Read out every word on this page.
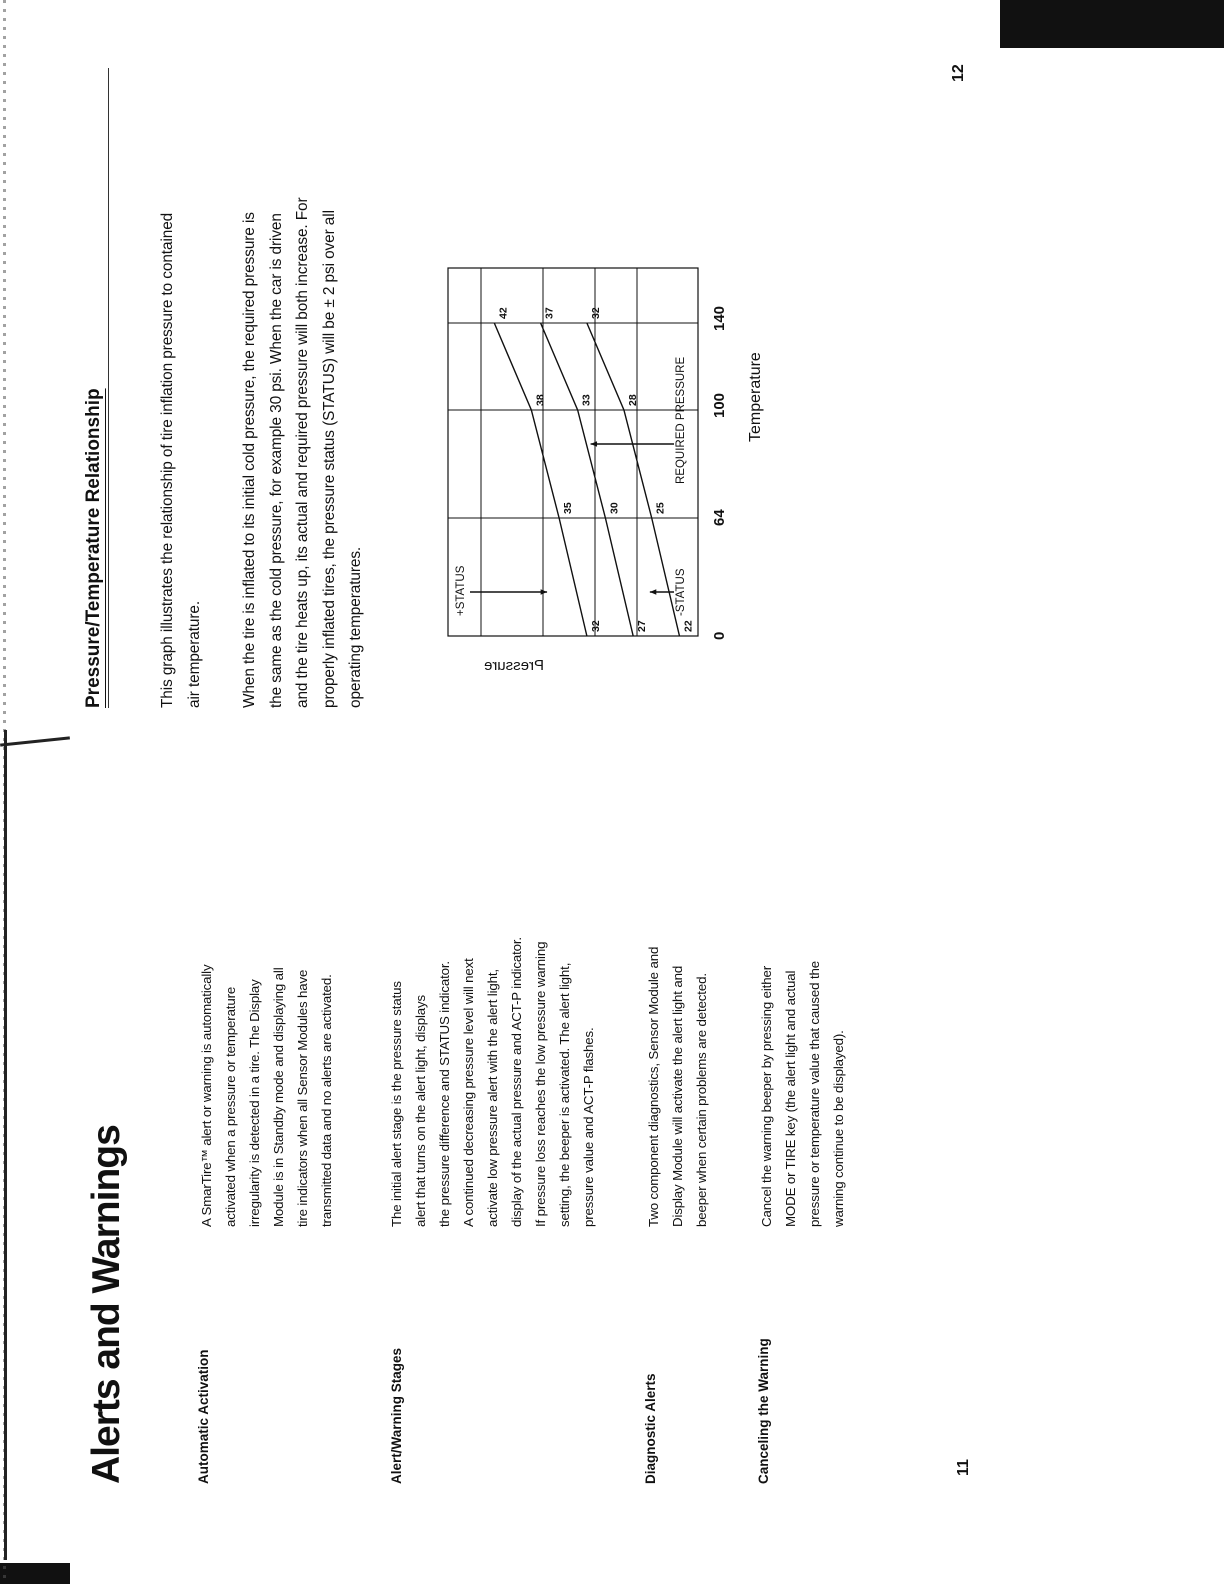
Alerts and Warnings	Automatic Activation
A SmarTire™ alert or warning is automatically
activated when a pressure or temperature
irregularity is detected in a tire. The Display
Module is in Standby mode and displaying all
tire indicators when all Sensor Modules have
transmitted data and no alerts are activated.
Alert/Warning Stages
The initial alert stage is the pressure status
alert that turns on the alert light, displays
the pressure difference and STATUS indicator.
A continued decreasing pressure level will next
activate low pressure alert with the alert light,
display of the actual pressure and ACT-P indicator.
If pressure loss reaches the low pressure warning
setting, the beeper is activated. The alert light,
pressure value and ACT-P flashes.
Diagnostic Alerts
Two component diagnostics, Sensor Module and
Display Module will activate the alert light and
beeper when certain problems are detected.
Canceling the Warning
Cancel the warning beeper by pressing either
MODE or TIRE key (the alert light and actual
pressure or temperature value that caused the
warning continue to be displayed).
11
Pressure/Temperature Relationship	This graph illustrates the relationship of tire inflation pressure to contained
air temperature.
When the tire is inflated to its initial cold pressure, the required pressure is
the same as the cold pressure, for example 30 psi. When the car is driven
and the tire heats up, its actual and required pressure will both increase. For
properly inflated tires, the pressure status (STATUS) will be ± 2 psi over all
operating temperatures.	32
35
38
42
27
30
33
37
22
25
28
32
+STATUS	-STATUS
REQUIRED PRESSURE
0
64
100
140
Temperature
Pressure
12
